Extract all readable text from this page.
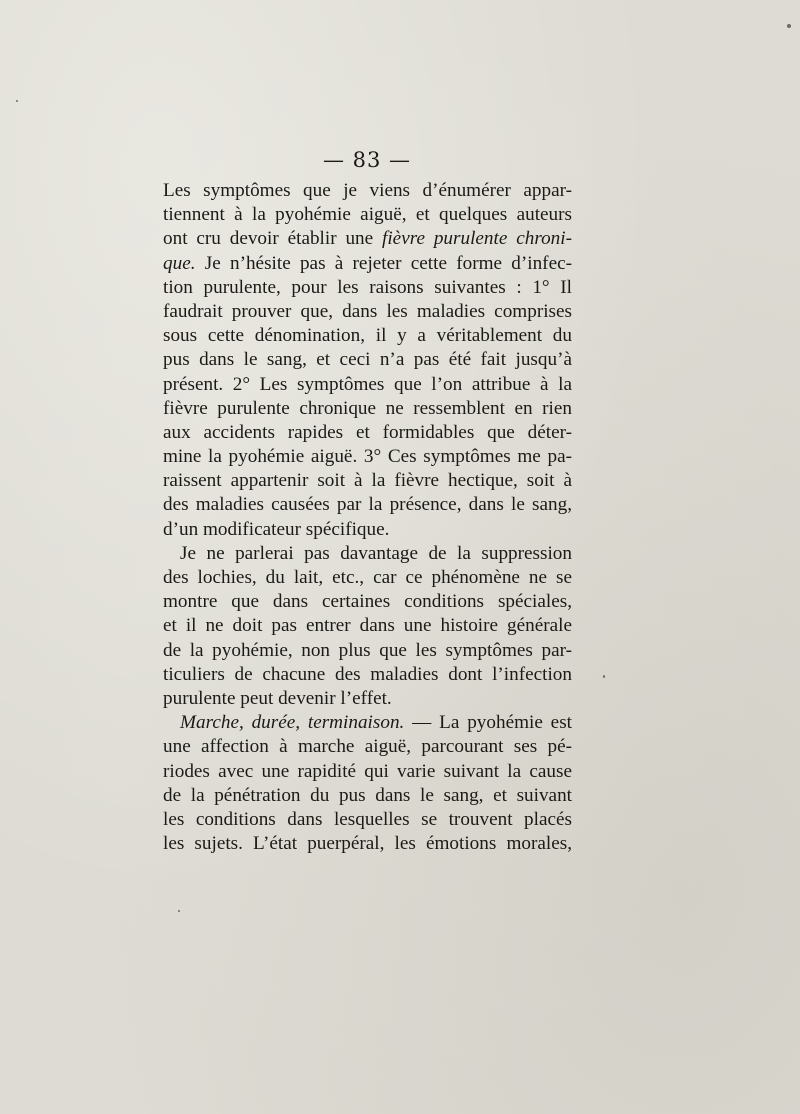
— 83 —
Les symptômes que je viens d’énumérer appar-
tiennent à la pyohémie aiguë, et quelques auteurs
ont cru devoir établir une fièvre purulente chroni-
que. Je n’hésite pas à rejeter cette forme d’infec-
tion purulente, pour les raisons suivantes : 1° Il
faudrait prouver que, dans les maladies comprises
sous cette dénomination, il y a véritablement du
pus dans le sang, et ceci n’a pas été fait jusqu’à
présent. 2° Les symptômes que l’on attribue à la
fièvre purulente chronique ne ressemblent en rien
aux accidents rapides et formidables que déter-
mine la pyohémie aiguë. 3° Ces symptômes me pa-
raissent appartenir soit à la fièvre hectique, soit à
des maladies causées par la présence, dans le sang,
d’un modificateur spécifique.
Je ne parlerai pas davantage de la suppression
des lochies, du lait, etc., car ce phénomène ne se
montre que dans certaines conditions spéciales,
et il ne doit pas entrer dans une histoire générale
de la pyohémie, non plus que les symptômes par-
ticuliers de chacune des maladies dont l’infection
purulente peut devenir l’effet.
Marche, durée, terminaison. — La pyohémie est
une affection à marche aiguë, parcourant ses pé-
riodes avec une rapidité qui varie suivant la cause
de la pénétration du pus dans le sang, et suivant
les conditions dans lesquelles se trouvent placés
les sujets. L’état puerpéral, les émotions morales,
